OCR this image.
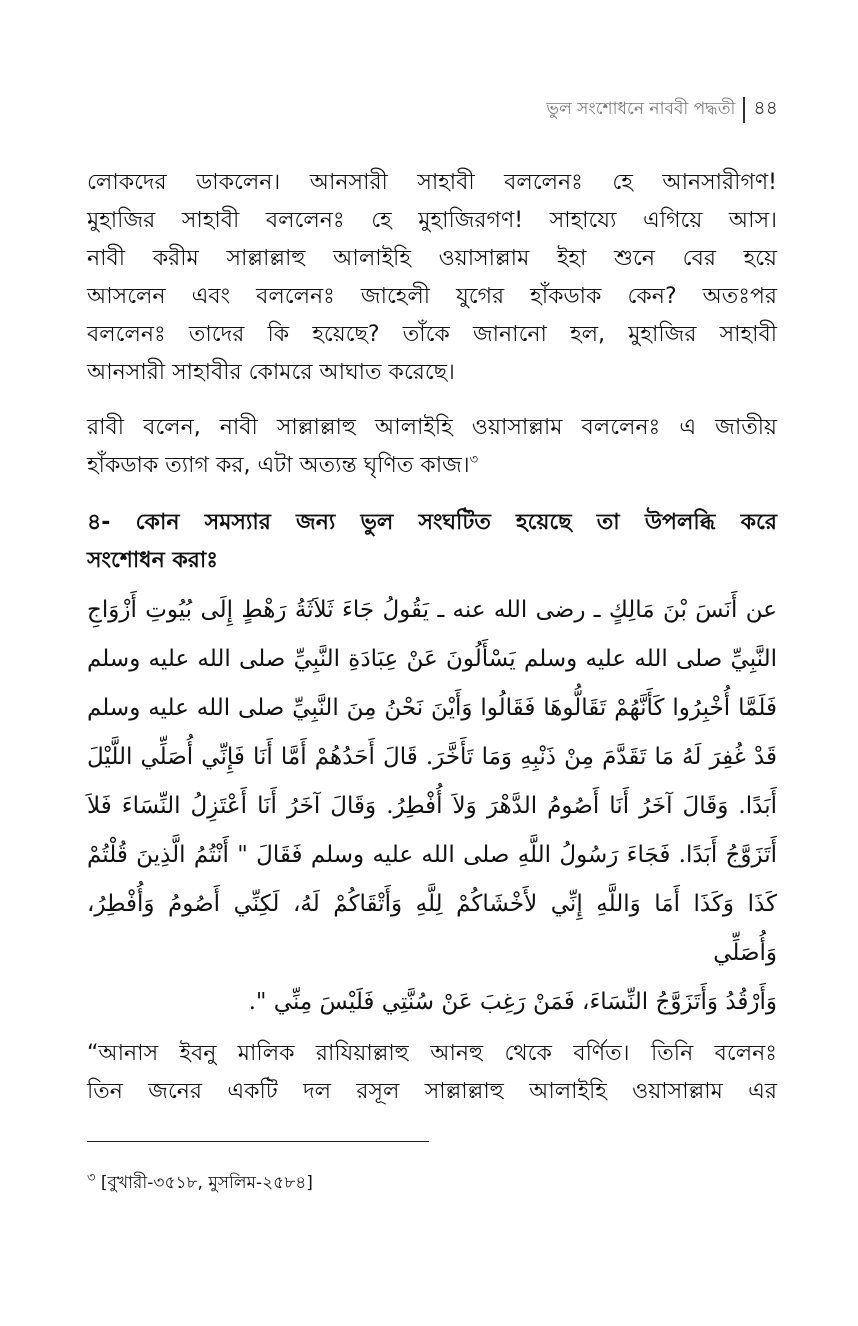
ভুল সংশোধনে নাববী পদ্ধতী ৪৪
লোকদের ডাকলেন। আনসারী সাহাবী বললেনঃ হে আনসারীগণ!
মুহাজির সাহাবী বললেনঃ হে মুহাজিরগণ! সাহায্যে এগিয়ে আস।
নাবী করীম সাল্লাল্লাহু আলাইহি ওয়াসাল্লাম ইহা শুনে বের হয়ে
আসলেন এবং বললেনঃ জাহেলী যুগের হাঁকডাক কেন? অতঃপর
বললেনঃ তাদের কি হয়েছে? তাঁকে জানানো হল, মুহাজির সাহাবী
আনসারী সাহাবীর কোমরে আঘাত করেছে।
রাবী বলেন, নাবী সাল্লাল্লাহু আলাইহি ওয়াসাল্লাম বললেনঃ এ জাতীয়
হাঁকডাক ত্যাগ কর, এটা অত্যন্ত ঘৃণিত কাজ।$^৩$
৪- কোন সমস্যার জন্য ভুল সংঘটিত হয়েছে তা উপলব্ধি করে
সংশোধন করাঃ
عن أَنَسَ بْنَ مَالِكٍ ـ رضى الله عنه ـ يَقُولُ جَاءَ ثَلاَثَةُ رَهْطٍ إِلَى بُيُوتِ أَزْوَاجِ
النَّبِيِّ صلى الله عليه وسلم يَسْأَلُونَ عَنْ عِبَادَةِ النَّبِيِّ صلى الله عليه وسلم
فَلَمَّا أُخْبِرُوا كَأَنَّهُمْ تَقَالُّوهَا فَقَالُوا وَأَيْنَ نَحْنُ مِنَ النَّبِيِّ صلى الله عليه وسلم
قَدْ غُفِرَ لَهُ مَا تَقَدَّمَ مِنْ ذَنْبِهِ وَمَا تَأَخَّرَ. قَالَ أَحَدُهُمْ أَمَّا أَنَا فَإِنِّي أُصَلِّي اللَّيْلَ
أَبَدًا. وَقَالَ آخَرُ أَنَا أَصُومُ الدَّهْرَ وَلاَ أُفْطِرُ. وَقَالَ آخَرُ أَنَا أَعْتَزِلُ النِّسَاءَ فَلاَ
أَتَزَوَّجُ أَبَدًا. فَجَاءَ رَسُولُ اللَّهِ صلى الله عليه وسلم فَقَالَ " أَنْتُمُ الَّذِينَ قُلْتُمْ
كَذَا وَكَذَا أَمَا وَاللَّهِ إِنِّي لأَخْشَاكُمْ لِلَّهِ وَأَتْقَاكُمْ لَهُ، لَكِنِّي أَصُومُ وَأُفْطِرُ، وَأُصَلِّي
وَأَرْقُدُ وَأَتَزَوَّجُ النِّسَاءَ، فَمَنْ رَغِبَ عَنْ سُنَّتِي فَلَيْسَ مِنِّي ".
“আনাস ইবনু মালিক রাযিয়াল্লাহু আনহু থেকে বর্ণিত। তিনি বলেনঃ
তিন জনের একটি দল রসূল সাল্লাল্লাহু আলাইহি ওয়াসাল্লাম এর
$^৩$ [বুখারী-৩৫১৮, মুসলিম-২৫৮৪]
